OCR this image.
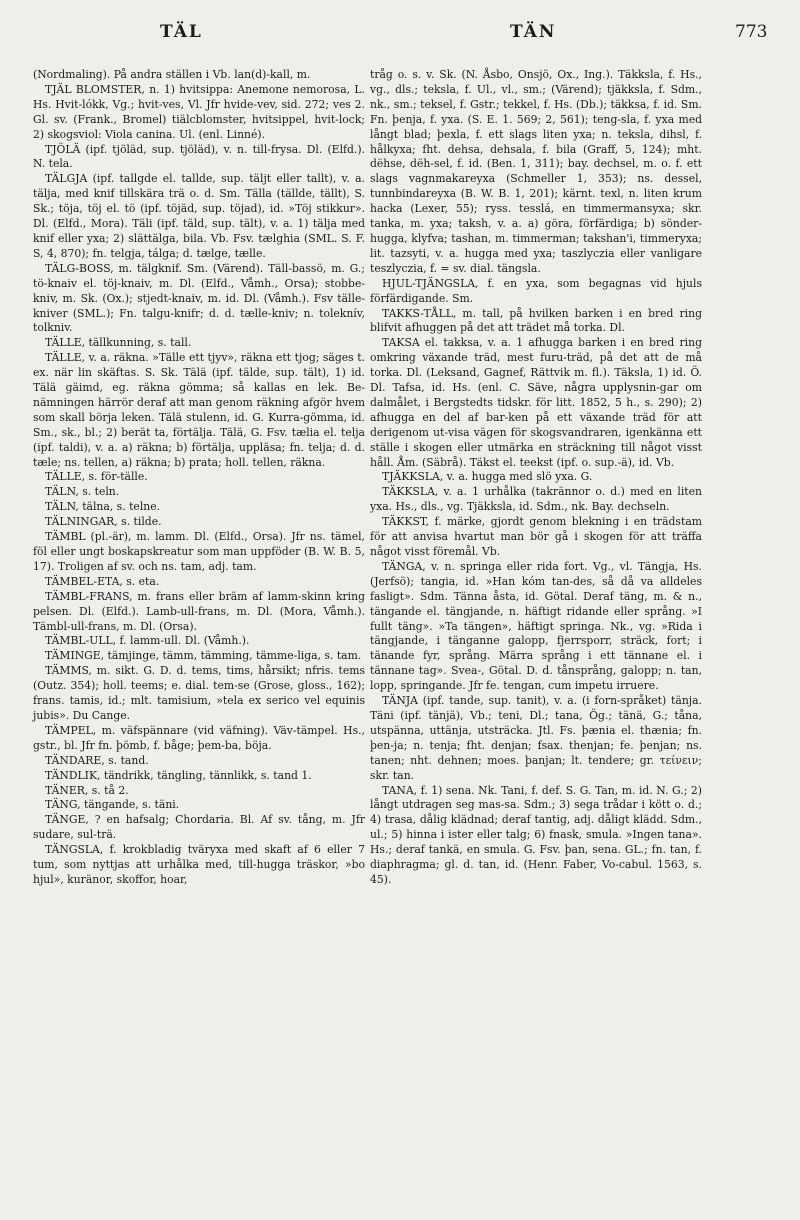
TÄL	TÄN	773

(Nordmaling). På andra ställen i Vb. lan(d)-kall, m.

TJÄL BLOMSTER, n. 1) hvitsippa: Anemone nemorosa, L. Hs. Hvit-lókk, Vg.; hvit-ves, Vl. Jfr hvide-vev, sid. 272; ves 2. Gl. sv. (Frank., Bromel) tiälcblomster, hvitsippel, hvit-lock; 2) skogsviol: Viola canina. Ul. (enl. Linné).

TJÖLÄ (ipf. tjöläd, sup. tjöläd), v. n. till-frysa. Dl. (Elfd.). N. tela.

TÄLGJA (ipf. tallgde el. tallde, sup. täljt eller tallt), v. a. tälja, med knif tillskära trä o. d. Sm. Tälla (tällde, tällt), S. Sk.; töja, töj el. tö (ipf. töjäd, sup. töjad), id. »Töj stikkur». Dl. (Elfd., Mora). Täli (ipf. täld, sup. tält), v. a. 1) tälja med knif eller yxa; 2) slättälga, bila. Vb. Fsv. tælghia (SML. S. F. S, 4, 870); fn. telgja, tálga; d. tælge, tælle.

TÄLG-BOSS, m. tälgknif. Sm. (Värend). Täll-bassö, m. G.; tö-knaiv el. töj-knaiv, m. Dl. (Elfd., Våmh., Orsa); stobbe-kniv, m. Sk. (Ox.); stjedt-knaiv, m. id. Dl. (Våmh.). Fsv tälle-kniver (SML.); Fn. talgu-knifr; d. d. tælle-kniv; n. toleknív, tolkniv.

TÄLLE, tällkunning, s. tall.

TÄLLE, v. a. räkna. »Tälle ett tjyv», räkna ett tjog; säges t. ex. när lin skäftas. S. Sk. Tälä (ipf. tälde, sup. tält), 1) id. Tälä gäimd, eg. räkna gömma; så kallas en lek. Be-nämningen härrör deraf att man genom räkning afgör hvem som skall börja leken. Tälä stulenn, id. G. Kurra-gömma, id. Sm., sk., bl.; 2) berät ta, förtälja. Tälä, G. Fsv. tælia el. telja (ipf. taldi), v. a. a) räkna; b) förtälja, uppläsa; fn. telja; d. d. tæle; ns. tellen, a) räkna; b) prata; holl. tellen, räkna.

TÄLLE, s. för-tälle.

TÄLN, s. teln.

TÄLN, tälna, s. telne.

TÄLNINGAR, s. tilde.

TÄMBL (pl.-är), m. lamm. Dl. (Elfd., Orsa). Jfr ns. tämel, föl eller ungt boskapskreatur som man uppföder (B. W. B. 5, 17). Troligen af sv. och ns. tam, adj. tam.

TÄMBEL-ETA, s. eta.

TÄMBL-FRANS, m. frans eller bräm af lamm-skinn kring pelsen. Dl. (Elfd.). Lamb-ull-frans, m. Dl. (Mora, Våmh.). Tämbl-ull-frans, m. Dl. (Orsa).

TÄMBL-ULL, f. lamm-ull. Dl. (Våmh.).

TÄMINGE, tämjinge, tämm, tämming, tämme-liga, s. tam.

TÄMMS, m. sikt. G. D. d. tems, tims, hårsikt; nfris. tems (Outz. 354); holl. teems; e. dial. tem-se (Grose, gloss., 162); frans. tamis, id.; mlt. tamisium, »tela ex serico vel equinis jubis». Du Cange.

TÄMPEL, m. väfspännare (vid väfning). Väv-tämpel. Hs., gstr., bl. Jfr fn. þömb, f. båge; þem-ba, böja.

TÄNDARE, s. tand.

TÄNDLIK, tändrikk, tängling, tännlikk, s. tand 1.

TÄNER, s. tå 2.

TÄNG, tängande, s. täni.

TÄNGE, ? en hafsalg; Chordaria. Bl. Af sv. tång, m. Jfr sudare, sul-trä.

TÄNGSLA, f. krokbladig tväryxa med skaft af 6 eller 7 tum, som nyttjas att urhålka med, till-hugga träskor, »bo hjul», kuränor, skoffor, hoar,

tråg o. s. v. Sk. (N. Åsbo, Onsjö, Ox., Ing.). Täkksla, f. Hs., vg., dls.; teksla, f. Ul., vl., sm.; (Värend); tjäkksla, f. Sdm., nk., sm.; teksel, f. Gstr.; tekkel, f. Hs. (Db.); täkksa, f. id. Sm. Fn. þenja, f. yxa. (S. E. 1. 569; 2, 561); teng-sla, f. yxa med långt blad; þexla, f. ett slags liten yxa; n. teksla, dihsl, f. hålkyxa; fht. dehsa, dehsala, f. bila (Graff, 5, 124); mht. dëhse, dëh-sel, f. id. (Ben. 1, 311); bay. dechsel, m. o. f. ett slags vagnmakareyxa (Schmeller 1, 353); ns. dessel, tunnbindareyxa (B. W. B. 1, 201); kärnt. texl, n. liten krum hacka (Lexer, 55); ryss. tesslá, en timmermansyxa; skr. tanka, m. yxa; taksh, v. a. a) göra, förfärdiga; b) sönder-hugga, klyfva; tashan, m. timmerman; takshan'i, timmeryxa; lit. tazsyti, v. a. hugga med yxa; taszlyczia eller vanligare teszlyczia, f. = sv. dial. tängsla.

HJUL-TJÄNGSLA, f. en yxa, som begagnas vid hjuls förfärdigande. Sm.

TAKKS-TÅLL, m. tall, på hvilken barken i en bred ring blifvit afhuggen på det att trädet må torka. Dl.

TAKSA el. takksa, v. a. 1 afhugga barken i en bred ring omkring växande träd, mest furu-träd, på det att de må torka. Dl. (Leksand, Gagnef, Rättvik m. fl.). Täksla, 1) id. Ö. Dl. Tafsa, id. Hs. (enl. C. Säve, några upplysnin-gar om dalmålet, i Bergstedts tidskr. för litt. 1852, 5 h., s. 290); 2) afhugga en del af bar-ken på ett växande träd för att derigenom ut-visa vägen för skogsvandraren, igenkänna ett ställe i skogen eller utmärka en sträckning till något visst håll. Åm. (Säbrå). Täkst el. teekst (ipf. o. sup.-ä), id. Vb.

TJÄKKSLA, v. a. hugga med slö yxa. G.

TÄKKSLA, v. a. 1 urhålka (takrännor o. d.) med en liten yxa. Hs., dls., vg. Tjäkksla, id. Sdm., nk. Bay. dechseln.

TÄKKST, f. märke, gjordt genom blekning i en trädstam för att anvisa hvartut man bör gå i skogen för att träffa något visst föremål. Vb.

TÄNGA, v. n. springa eller rida fort. Vg., vl. Tängja, Hs. (Jerfsö); tangia, id. »Han kóm tan-des, så då va alldeles fasligt». Sdm. Tänna åsta, id. Götal. Deraf täng, m. & n., tängande el. tängjande, n. häftigt ridande eller språng. »I fullt täng». »Ta tängen», häftigt springa. Nk., vg. »Rida i tängjande, i tänganne galopp, fjerrsporr, sträck, fort; i tänande fyr, språng. Märra språng i ett tännane el. i tännane tag». Svea-, Götal. D. d. tånsprång, galopp; n. tan, lopp, springande. Jfr fe. tengan, cum impetu irruere.

TÄNJA (ipf. tande, sup. tanit), v. a. (i forn-språket) tänja. Täni (ipf. tänjä), Vb.; teni, Dl.; tana, Ög.; tänä, G.; tåna, utspänna, uttänja, utsträcka. Jtl. Fs. þænia el. thænia; fn. þen-ja; n. tenja; fht. denjan; fsax. thenjan; fe. þenjan; ns. tanen; nht. dehnen; moes. þanjan; lt. tendere; gr. τείνειν; skr. tan.

TANA, f. 1) sena. Nk. Tani, f. def. S. G. Tan, m. id. N. G.; 2) långt utdragen seg mas-sa. Sdm.; 3) sega trådar i kött o. d.; 4) trasa, dålig klädnad; deraf tantig, adj. dåligt klädd. Sdm., ul.; 5) hinna i ister eller talg; 6) fnask, smula. »Ingen tana». Hs.; deraf tankä, en smula. G. Fsv. þan, sena. GL.; fn. tan, f. diaphragma; gl. d. tan, id. (Henr. Faber, Vo-cabul. 1563, s. 45).
